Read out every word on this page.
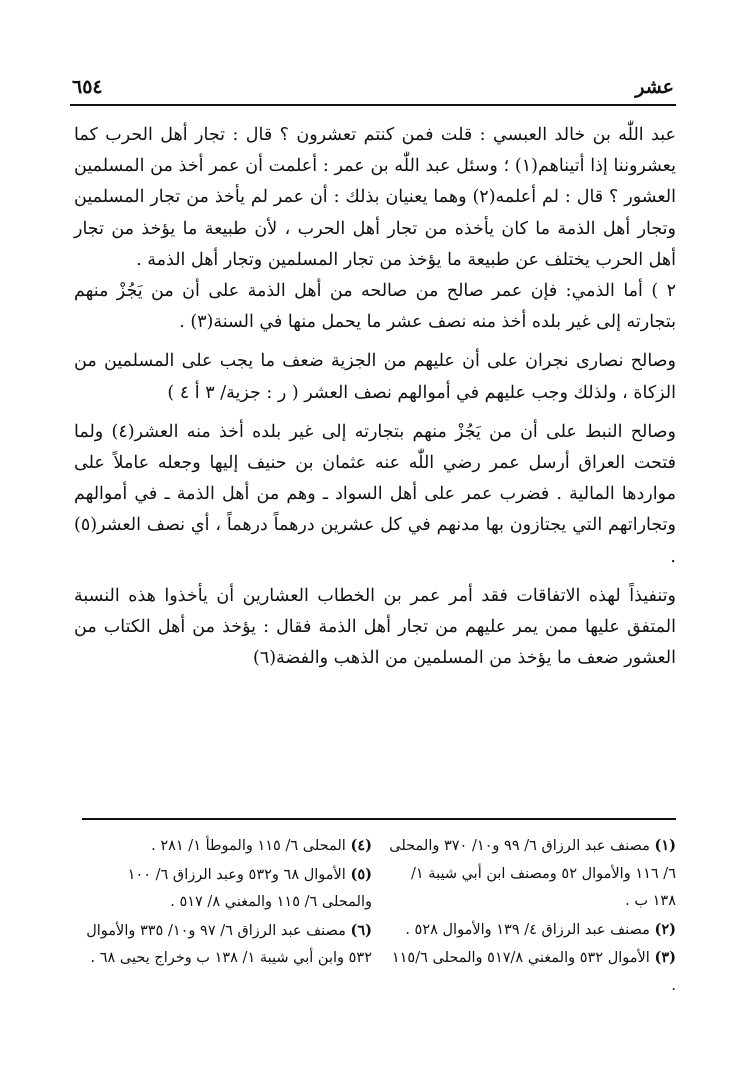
عشر
٦٥٤

عبد اللّٰه بن خالد العبسي : قلت فمن كنتم تعشرون ؟ قال : تجار أهل الحرب كما يعشروننا إذا أتيناهم(١) ؛ وسئل عبد اللّٰه بن عمر : أعلمت أن عمر أخذ من المسلمين العشور ؟ قال : لم أعلمه(٢) وهما يعنيان بذلك : أن عمر لم يأخذ من تجار المسلمين وتجار أهل الذمة ما كان يأخذه من تجار أهل الحرب ، لأن طبيعة ما يؤخذ من تجار أهل الحرب يختلف عن طبيعة ما يؤخذ من تجار المسلمين وتجار أهل الذمة .

٢ ) أما الذمي: فإن عمر صالح من صالحه من أهل الذمة على أن من يَجُزْ منهم بتجارته إلى غير بلده أخذ منه نصف عشر ما يحمل منها في السنة(٣) .

وصالح نصارى نجران على أن عليهم من الجزية ضعف ما يجب على المسلمين من الزكاة ، ولذلك وجب عليهم في أموالهم نصف العشر ( ر : جزية/ ٣ أ ٤ )

وصالح النبط على أن من يَجُزْ منهم بتجارته إلى غير بلده أخذ منه العشر(٤) ولما فتحت العراق أرسل عمر رضي اللّٰه عنه عثمان بن حنيف إليها وجعله عاملاً على مواردها المالية . فضرب عمر على أهل السواد ـ وهم من أهل الذمة ـ في أموالهم وتجاراتهم التي يجتازون بها مدنهم في كل عشرين درهماً درهماً ، أي نصف العشر(٥) .

وتنفيذاً لهذه الاتفاقات فقد أمر عمر بن الخطاب العشارين أن يأخذوا هذه النسبة المتفق عليها ممن يمر عليهم من تجار أهل الذمة فقال : يؤخذ من أهل الكتاب من العشور ضعف ما يؤخذ من المسلمين من الذهب والفضة(٦)

(١) مصنف عبد الرزاق ٦/ ٩٩ و١٠/ ٣٧٠ والمحلى ٦/ ١١٦ والأموال ٥٢ ومصنف ابن أبي شيبة ١/ ١٣٨ ب .

(٢) مصنف عبد الرزاق ٤/ ١٣٩ والأموال ٥٢٨ .

(٣) الأموال ٥٣٢ والمغني ٥١٧/٨ والمحلى ١١٥/٦ .

(٤) المحلى ٦/ ١١٥ والموطأ ١/ ٢٨١ .

(٥) الأموال ٦٨ و٥٣٢ وعبد الرزاق ٦/ ١٠٠ والمحلى ٦/ ١١٥ والمغني ٨/ ٥١٧ .

(٦) مصنف عبد الرزاق ٦/ ٩٧ و١٠/ ٣٣٥ والأموال ٥٣٢ وابن أبي شيبة ١/ ١٣٨ ب وخراج يحيى ٦٨ .
